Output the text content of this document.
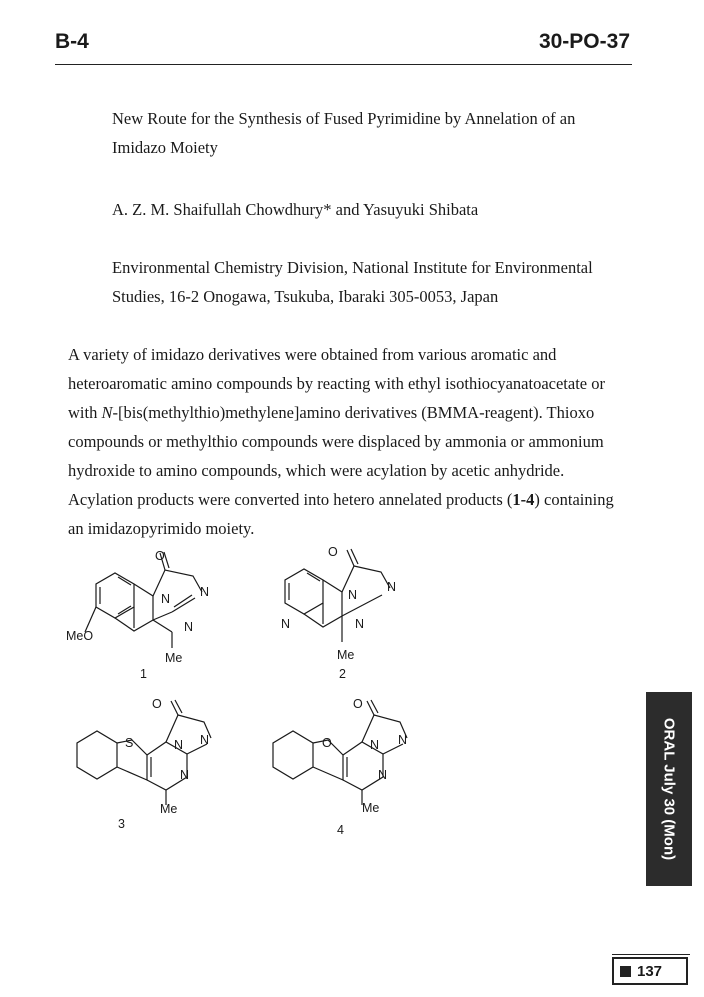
B-4	30-PO-37

New Route for the Synthesis of Fused Pyrimidine by Annelation of an
Imidazo Moiety

A. Z. M. Shaifullah Chowdhury* and Yasuyuki Shibata

Environmental Chemistry Division, National Institute for Environmental
Studies, 16-2 Onogawa, Tsukuba, Ibaraki 305-0053, Japan

A variety of imidazo derivatives were obtained from various aromatic and
heteroaromatic amino compounds by reacting with ethyl isothiocyanatoacetate or
with N-[bis(methylthio)methylene]amino derivatives (BMMA-reagent). Thioxo
compounds or methylthio compounds were displaced by ammonia or ammonium
hydroxide to amino compounds, which were acylation by acetic anhydride.
Acylation products were converted into hetero annelated products (1-4) containing
an imidazopyrimido moiety.

O
N
N
N
Me
MeO
1
O
N
N
N
N
Me
2
S
O
N N
N
Me
3
O
O
N N
N
Me
4	ORAL July 30 (Mon)
137
